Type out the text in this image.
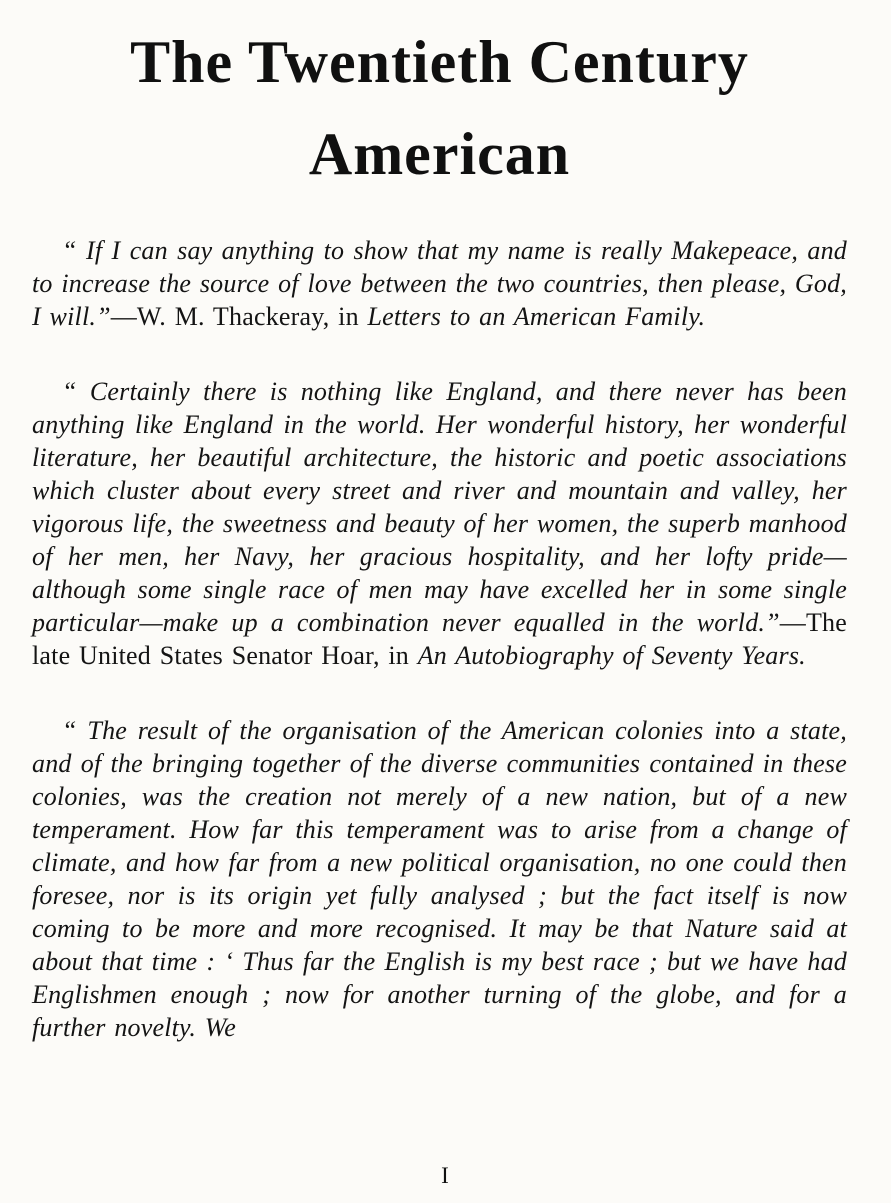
The Twentieth Century
American

“ If I can say anything to show that my name is really Makepeace, and to increase the source of love between the two countries, then please, God, I will.”—W. M. Thackeray, in Letters to an American Family.

“ Certainly there is nothing like England, and there never has been anything like England in the world. Her wonderful history, her wonderful literature, her beautiful architecture, the historic and poetic associations which cluster about every street and river and mountain and valley, her vigorous life, the sweetness and beauty of her women, the superb manhood of her men, her Navy, her gracious hospitality, and her lofty pride—although some single race of men may have excelled her in some single particular—make up a combination never equalled in the world.”—The late United States Senator Hoar, in An Autobiography of Seventy Years.

“ The result of the organisation of the American colonies into a state, and of the bringing together of the diverse communities contained in these colonies, was the creation not merely of a new nation, but of a new temperament. How far this temperament was to arise from a change of climate, and how far from a new political organisation, no one could then foresee, nor is its origin yet fully analysed ; but the fact itself is now coming to be more and more recognised. It may be that Nature said at about that time : ‘ Thus far the English is my best race ; but we have had Englishmen enough ; now for another turning of the globe, and for a further novelty. We

I
